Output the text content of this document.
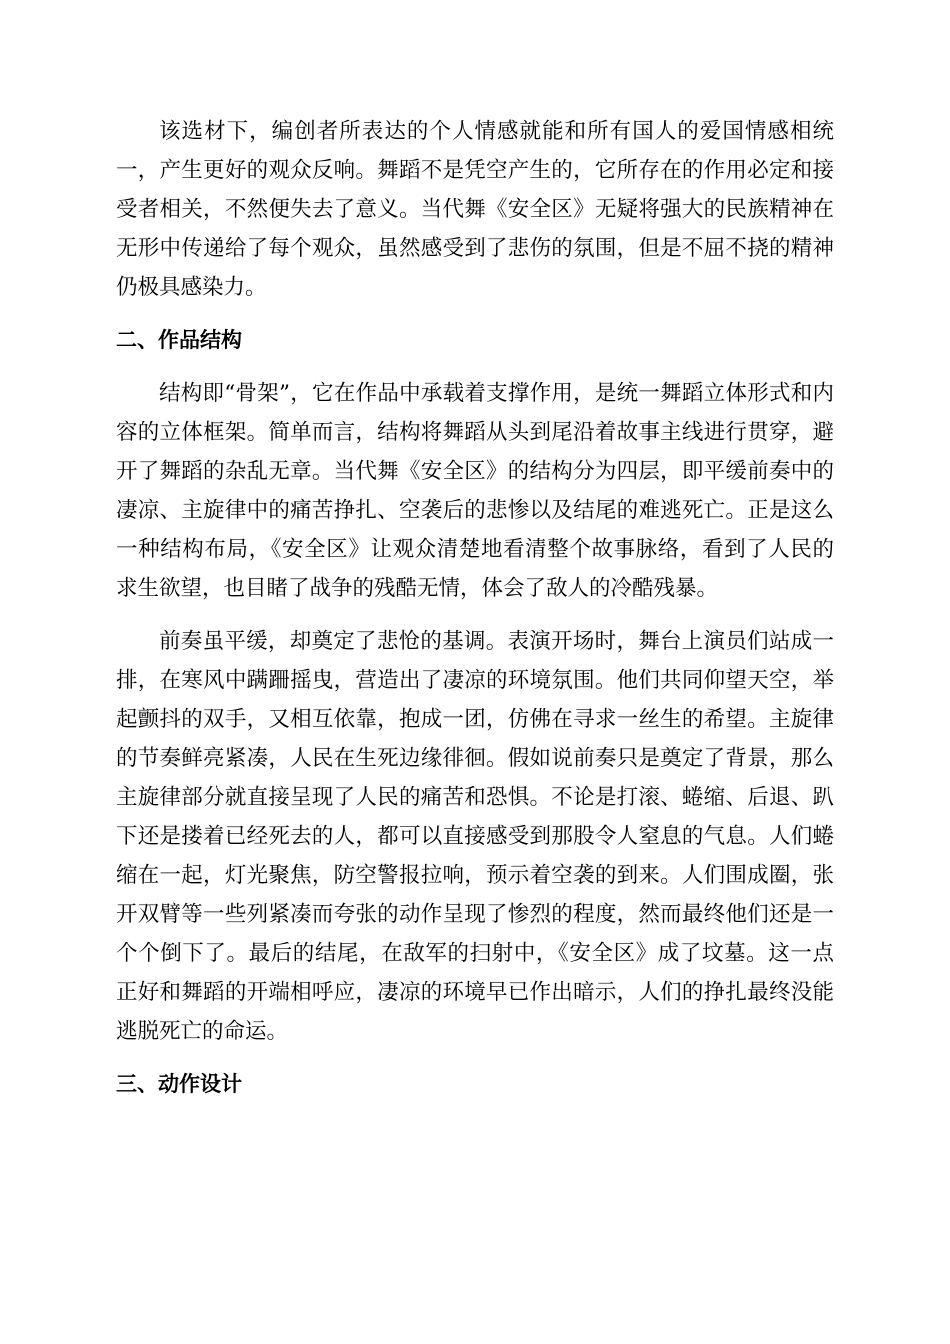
该选材下，编创者所表达的个人情感就能和所有国人的爱国情感相统一，产生更好的观众反响。舞蹈不是凭空产生的，它所存在的作用必定和接受者相关，不然便失去了意义。当代舞《安全区》无疑将强大的民族精神在无形中传递给了每个观众，虽然感受到了悲伤的氛围，但是不屈不挠的精神仍极具感染力。

二、作品结构

结构即“骨架”，它在作品中承载着支撑作用，是统一舞蹈立体形式和内容的立体框架。简单而言，结构将舞蹈从头到尾沿着故事主线进行贯穿，避开了舞蹈的杂乱无章。当代舞《安全区》的结构分为四层，即平缓前奏中的凄凉、主旋律中的痛苦挣扎、空袭后的悲惨以及结尾的难逃死亡。正是这么一种结构布局，《安全区》让观众清楚地看清整个故事脉络，看到了人民的求生欲望，也目睹了战争的残酷无情，体会了敌人的冷酷残暴。

前奏虽平缓，却奠定了悲怆的基调。表演开场时，舞台上演员们站成一排，在寒风中蹒跚摇曳，营造出了凄凉的环境氛围。他们共同仰望天空，举起颤抖的双手，又相互依靠，抱成一团，仿佛在寻求一丝生的希望。主旋律的节奏鲜亮紧凑，人民在生死边缘徘徊。假如说前奏只是奠定了背景，那么主旋律部分就直接呈现了人民的痛苦和恐惧。不论是打滚、蜷缩、后退、趴下还是搂着已经死去的人，都可以直接感受到那股令人窒息的气息。人们蜷缩在一起，灯光聚焦，防空警报拉响，预示着空袭的到来。人们围成圈，张开双臂等一些列紧凑而夸张的动作呈现了惨烈的程度，然而最终他们还是一个个倒下了。最后的结尾，在敌军的扫射中，《安全区》成了坟墓。这一点正好和舞蹈的开端相呼应，凄凉的环境早已作出暗示，人们的挣扎最终没能逃脱死亡的命运。

三、动作设计
